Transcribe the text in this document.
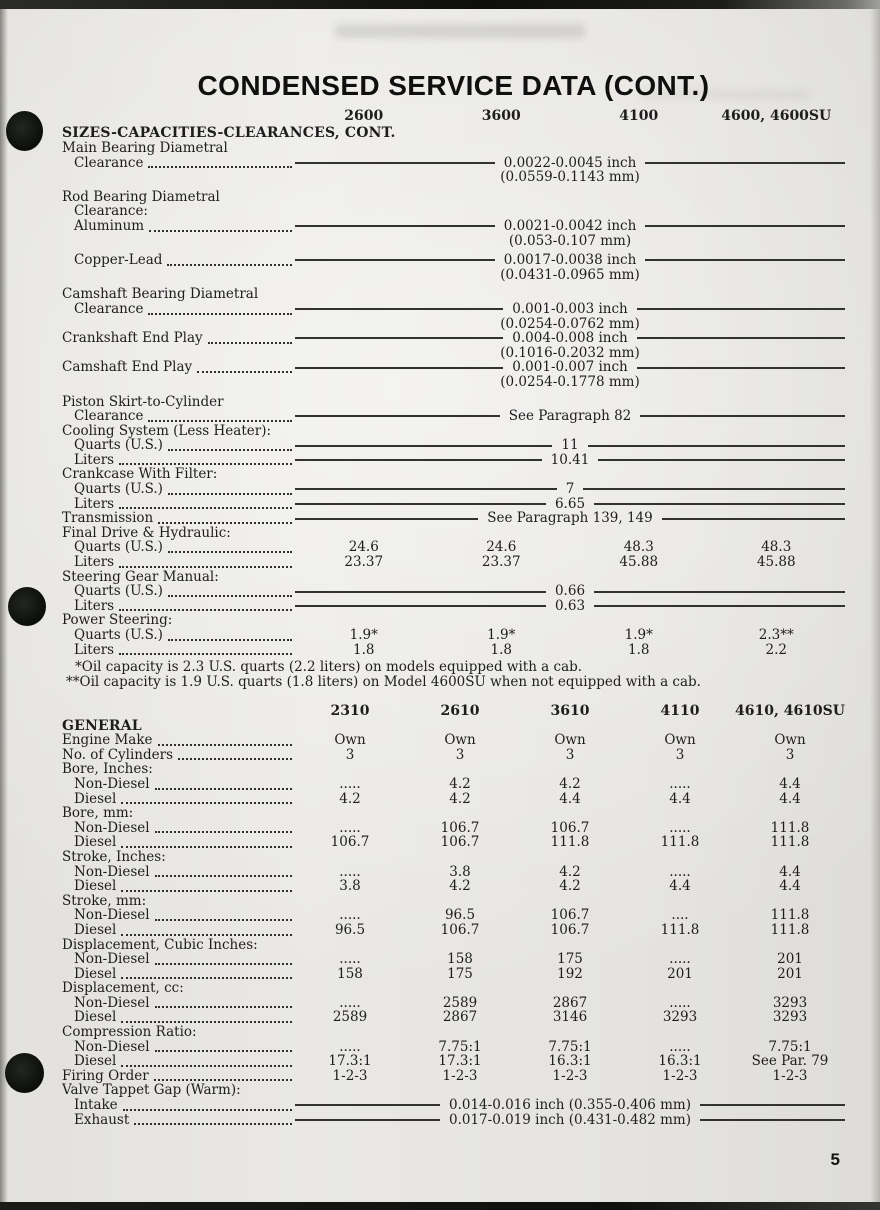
CONDENSED SERVICE DATA (CONT.)
2600	3600	4100	4600, 4600SU
SIZES-CAPACITIES-CLEARANCES, CONT.
Main Bearing Diametral
Clearance	0.0022-0.0045 inch
(0.0559-0.1143 mm)
Rod Bearing Diametral
Clearance:
Aluminum	0.0021-0.0042 inch
(0.053-0.107 mm)
Copper-Lead	0.0017-0.0038 inch
(0.0431-0.0965 mm)
Camshaft Bearing Diametral
Clearance	0.001-0.003 inch
(0.0254-0.0762 mm)
Crankshaft End Play	0.004-0.008 inch
(0.1016-0.2032 mm)
Camshaft End Play	0.001-0.007 inch
(0.0254-0.1778 mm)
Piston Skirt-to-Cylinder
Clearance	See Paragraph 82
Cooling System (Less Heater):
Quarts (U.S.)	11
Liters	10.41
Crankcase With Filter:
Quarts (U.S.)	7
Liters	6.65
Transmission	See Paragraph 139, 149
Final Drive & Hydraulic:
Quarts (U.S.)	24.6	24.6	48.3	48.3
Liters	23.37	23.37	45.88	45.88
Steering Gear Manual:
Quarts (U.S.)	0.66
Liters	0.63
Power Steering:
Quarts (U.S.)	1.9*	1.9*	1.9*	2.3**
Liters	1.8	1.8	1.8	2.2
*Oil capacity is 2.3 U.S. quarts (2.2 liters) on models equipped with a cab.
**Oil capacity is 1.9 U.S. quarts (1.8 liters) on Model 4600SU when not equipped with a cab.
2310	2610	3610	4110	4610, 4610SU
GENERAL
Engine Make	Own	Own	Own	Own	Own
No. of Cylinders	3	3	3	3	3
Bore, Inches:
Non-Diesel	.....	4.2	4.2	.....	4.4
Diesel	4.2	4.2	4.4	4.4	4.4
Bore, mm:
Non-Diesel	.....	106.7	106.7	.....	111.8
Diesel	106.7	106.7	111.8	111.8	111.8
Stroke, Inches:
Non-Diesel	.....	3.8	4.2	.....	4.4
Diesel	3.8	4.2	4.2	4.4	4.4
Stroke, mm:
Non-Diesel	.....	96.5	106.7	....	111.8
Diesel	96.5	106.7	106.7	111.8	111.8
Displacement, Cubic Inches:
Non-Diesel	.....	158	175	.....	201
Diesel	158	175	192	201	201
Displacement, cc:
Non-Diesel	.....	2589	2867	.....	3293
Diesel	2589	2867	3146	3293	3293
Compression Ratio:
Non-Diesel	.....	7.75:1	7.75:1	.....	7.75:1
Diesel	17.3:1	17.3:1	16.3:1	16.3:1	See Par. 79
Firing Order	1-2-3	1-2-3	1-2-3	1-2-3	1-2-3
Valve Tappet Gap (Warm):
Intake	0.014-0.016 inch (0.355-0.406 mm)
Exhaust	0.017-0.019 inch (0.431-0.482 mm)
5
